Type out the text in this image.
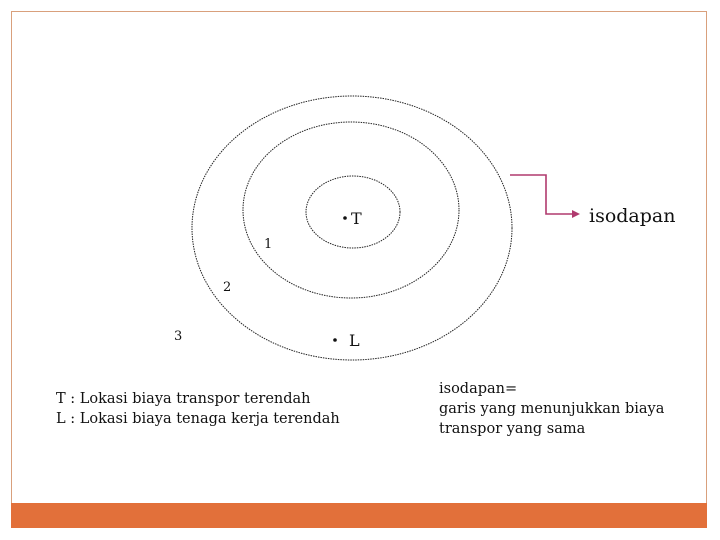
T
L
1
2
3
isodapan
T : Lokasi biaya transpor terendah
L : Lokasi biaya tenaga kerja terendah
isodapan=
garis yang menunjukkan biaya
transpor yang sama
